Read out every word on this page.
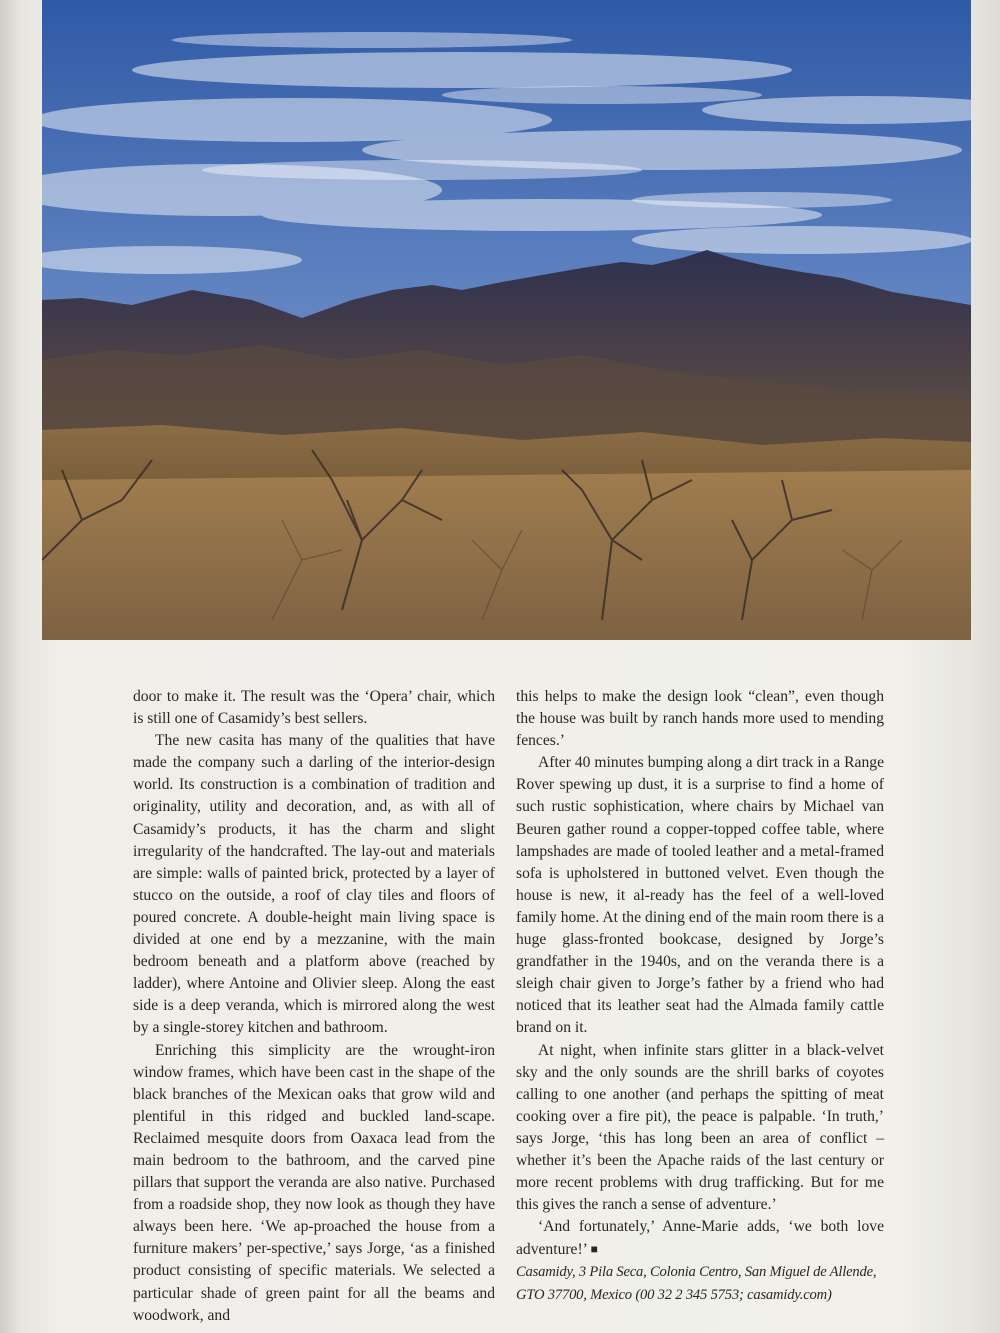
door to make it. The result was the ‘Opera’ chair, which is still one of Casamidy’s best sellers.

The new casita has many of the qualities that have made the company such a darling of the interior-design world. Its construction is a combination of tradition and originality, utility and decoration, and, as with all of Casamidy’s products, it has the charm and slight irregularity of the handcrafted. The lay-out and materials are simple: walls of painted brick, protected by a layer of stucco on the outside, a roof of clay tiles and floors of poured concrete. A double-height main living space is divided at one end by a mezzanine, with the main bedroom beneath and a platform above (reached by ladder), where Antoine and Olivier sleep. Along the east side is a deep veranda, which is mirrored along the west by a single-storey kitchen and bathroom.

Enriching this simplicity are the wrought-iron window frames, which have been cast in the shape of the black branches of the Mexican oaks that grow wild and plentiful in this ridged and buckled land-scape. Reclaimed mesquite doors from Oaxaca lead from the main bedroom to the bathroom, and the carved pine pillars that support the veranda are also native. Purchased from a roadside shop, they now look as though they have always been here. ‘We ap-proached the house from a furniture makers’ per-spective,’ says Jorge, ‘as a finished product consisting of specific materials. We selected a particular shade of green paint for all the beams and woodwork, and

this helps to make the design look “clean”, even though the house was built by ranch hands more used to mending fences.’

After 40 minutes bumping along a dirt track in a Range Rover spewing up dust, it is a surprise to find a home of such rustic sophistication, where chairs by Michael van Beuren gather round a copper-topped coffee table, where lampshades are made of tooled leather and a metal-framed sofa is upholstered in buttoned velvet. Even though the house is new, it al-ready has the feel of a well-loved family home. At the dining end of the main room there is a huge glass-fronted bookcase, designed by Jorge’s grandfather in the 1940s, and on the veranda there is a sleigh chair given to Jorge’s father by a friend who had noticed that its leather seat had the Almada family cattle brand on it.

At night, when infinite stars glitter in a black-velvet sky and the only sounds are the shrill barks of coyotes calling to one another (and perhaps the spitting of meat cooking over a fire pit), the peace is palpable. ‘In truth,’ says Jorge, ‘this has long been an area of conflict – whether it’s been the Apache raids of the last century or more recent problems with drug trafficking. But for me this gives the ranch a sense of adventure.’

‘And fortunately,’ Anne-Marie adds, ‘we both love adventure!’ ■

Casamidy, 3 Pila Seca, Colonia Centro, San Miguel de Allende, GTO 37700, Mexico (00 32 2 345 5753; casamidy.com)
